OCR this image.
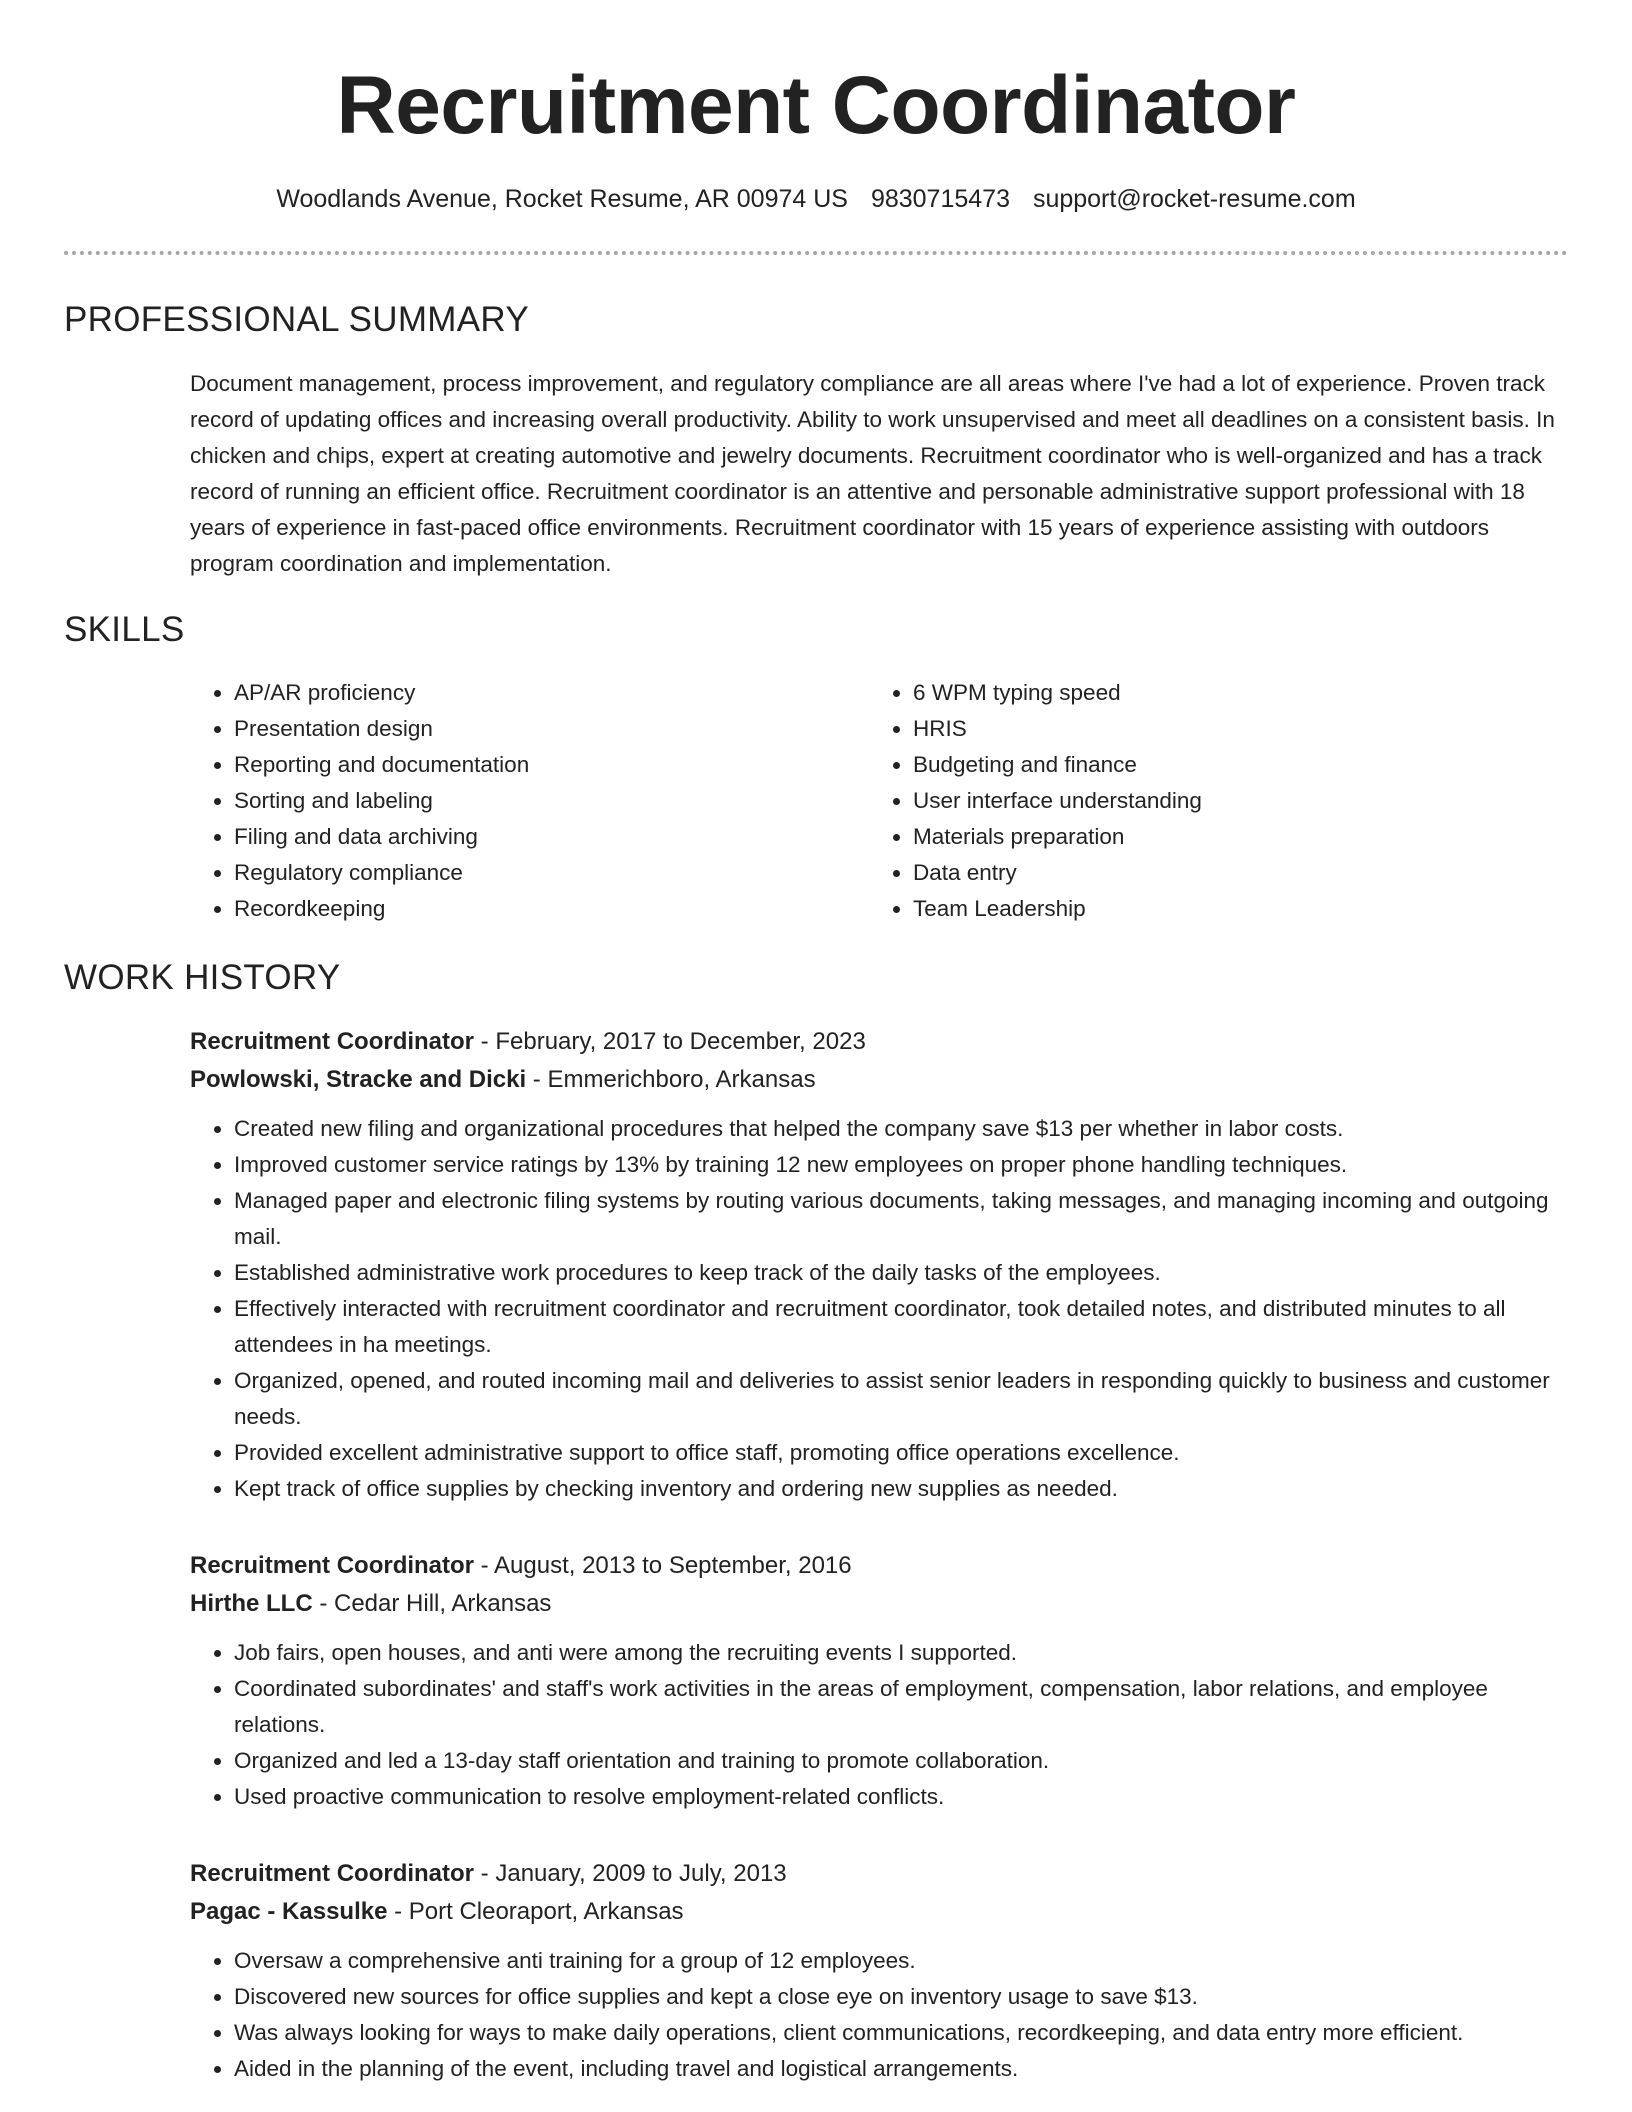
Recruitment Coordinator
Woodlands Avenue, Rocket Resume, AR 00974 US 9830715473 support@rocket-resume.com
PROFESSIONAL SUMMARY

Document management, process improvement, and regulatory compliance are all areas where I've had a lot of experience. Proven track record of updating offices and increasing overall productivity. Ability to work unsupervised and meet all deadlines on a consistent basis. In chicken and chips, expert at creating automotive and jewelry documents. Recruitment coordinator who is well-organized and has a track record of running an efficient office. Recruitment coordinator is an attentive and personable administrative support professional with 18 years of experience in fast-paced office environments. Recruitment coordinator with 15 years of experience assisting with outdoors program coordination and implementation.

SKILLS
• AP/AR proficiency
• Presentation design
• Reporting and documentation
• Sorting and labeling
• Filing and data archiving
• Regulatory compliance
• Recordkeeping
• 6 WPM typing speed
• HRIS
• Budgeting and finance
• User interface understanding
• Materials preparation
• Data entry
• Team Leadership
WORK HISTORY
Recruitment Coordinator - February, 2017 to December, 2023
Powlowski, Stracke and Dicki - Emmerichboro, Arkansas
• Created new filing and organizational procedures that helped the company save $13 per whether in labor costs.
• Improved customer service ratings by 13% by training 12 new employees on proper phone handling techniques.
• Managed paper and electronic filing systems by routing various documents, taking messages, and managing incoming and outgoing mail.
• Established administrative work procedures to keep track of the daily tasks of the employees.
• Effectively interacted with recruitment coordinator and recruitment coordinator, took detailed notes, and distributed minutes to all attendees in ha meetings.
• Organized, opened, and routed incoming mail and deliveries to assist senior leaders in responding quickly to business and customer needs.
• Provided excellent administrative support to office staff, promoting office operations excellence.
• Kept track of office supplies by checking inventory and ordering new supplies as needed.
Recruitment Coordinator - August, 2013 to September, 2016
Hirthe LLC - Cedar Hill, Arkansas
• Job fairs, open houses, and anti were among the recruiting events I supported.
• Coordinated subordinates' and staff's work activities in the areas of employment, compensation, labor relations, and employee relations.
• Organized and led a 13-day staff orientation and training to promote collaboration.
• Used proactive communication to resolve employment-related conflicts.
Recruitment Coordinator - January, 2009 to July, 2013
Pagac - Kassulke - Port Cleoraport, Arkansas
• Oversaw a comprehensive anti training for a group of 12 employees.
• Discovered new sources for office supplies and kept a close eye on inventory usage to save $13.
• Was always looking for ways to make daily operations, client communications, recordkeeping, and data entry more efficient.
• Aided in the planning of the event, including travel and logistical arrangements.
